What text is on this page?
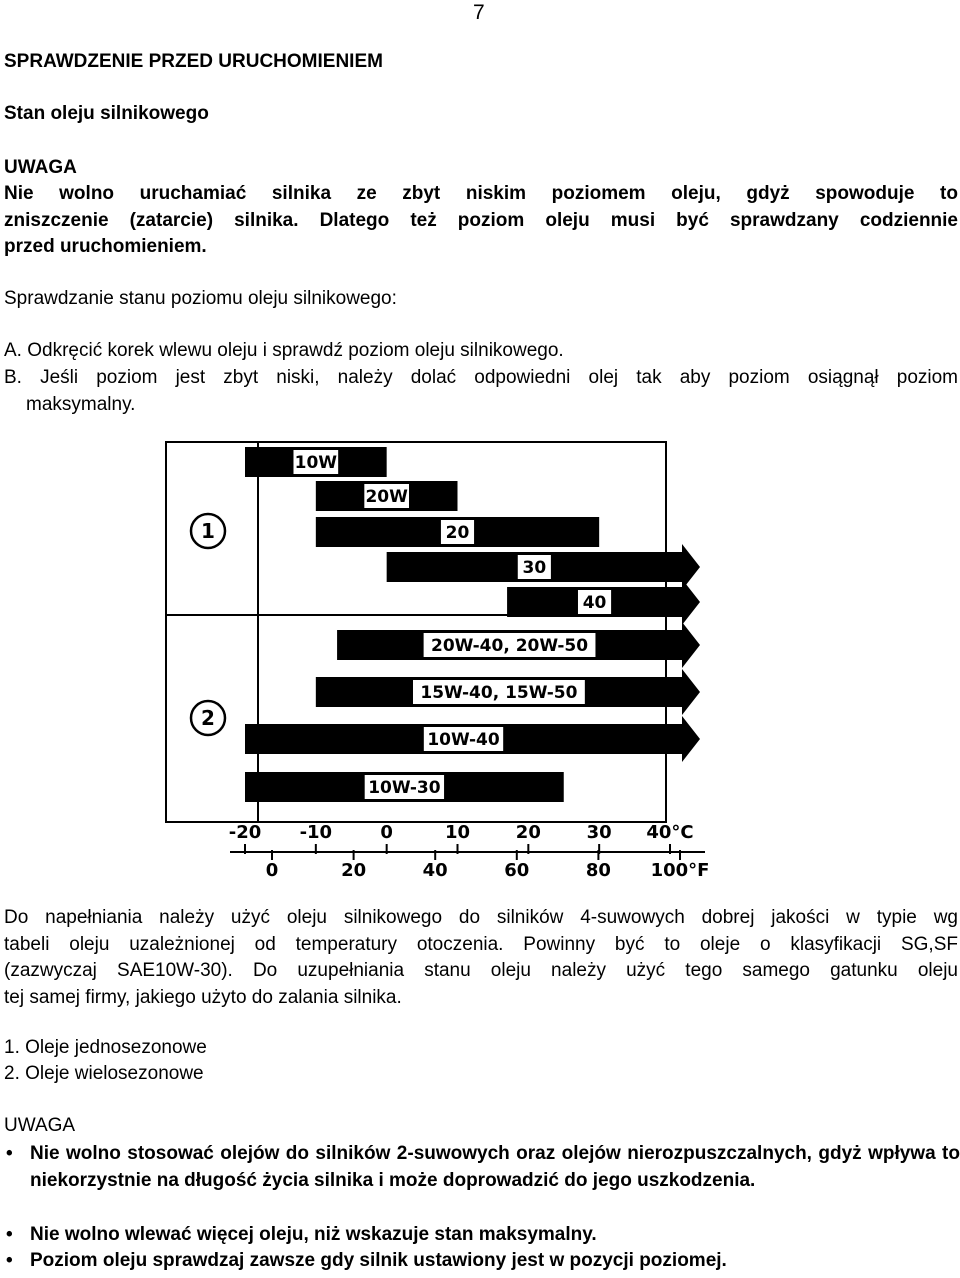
7
SPRAWDZENIE PRZED URUCHOMIENIEM
Stan oleju silnikowego
UWAGA

Nie wolno uruchamiać silnika ze zbyt niskim poziomem oleju, gdyż spowoduje to

zniszczenie (zatarcie) silnika. Dlatego też poziom oleju musi być sprawdzany codziennie

przed uruchomieniem.

Sprawdzanie stanu poziomu oleju silnikowego:
A. Odkręcić korek wlewu oleju i sprawdź poziom oleju silnikowego.

B. Jeśli poziom jest zbyt niski, należy dolać odpowiedni olej tak aby poziom osiągnął poziom

maksymalny.

1
2
10W
20W
20
30
40
20W-40, 20W-50
15W-40, 15W-50
10W-40
10W-30
-20 -10	0	10	20	30 40°C
0	20	40	60	80 100°F

Do napełniania należy użyć oleju silnikowego do silników 4-suwowych dobrej jakości w typie wg

tabeli oleju uzależnionej od temperatury otoczenia. Powinny być to oleje o klasyfikacji SG,SF

(zazwyczaj SAE10W-30). Do uzupełniania stanu oleju należy użyć tego samego gatunku oleju

tej samej firmy, jakiego użyto do zalania silnika.

1. Oleje jednosezonowe
2. Oleje wielosezonowe
UWAGA
• Nie wolno stosować olejów do silników 2-suwowych oraz olejów nierozpuszczalnych, gdyż wpływa to niekorzystnie na długość życia silnika i może doprowadzić do jego uszkodzenia.
• Nie wolno wlewać więcej oleju, niż wskazuje stan maksymalny.
• Poziom oleju sprawdzaj zawsze gdy silnik ustawiony jest w pozycji poziomej.
